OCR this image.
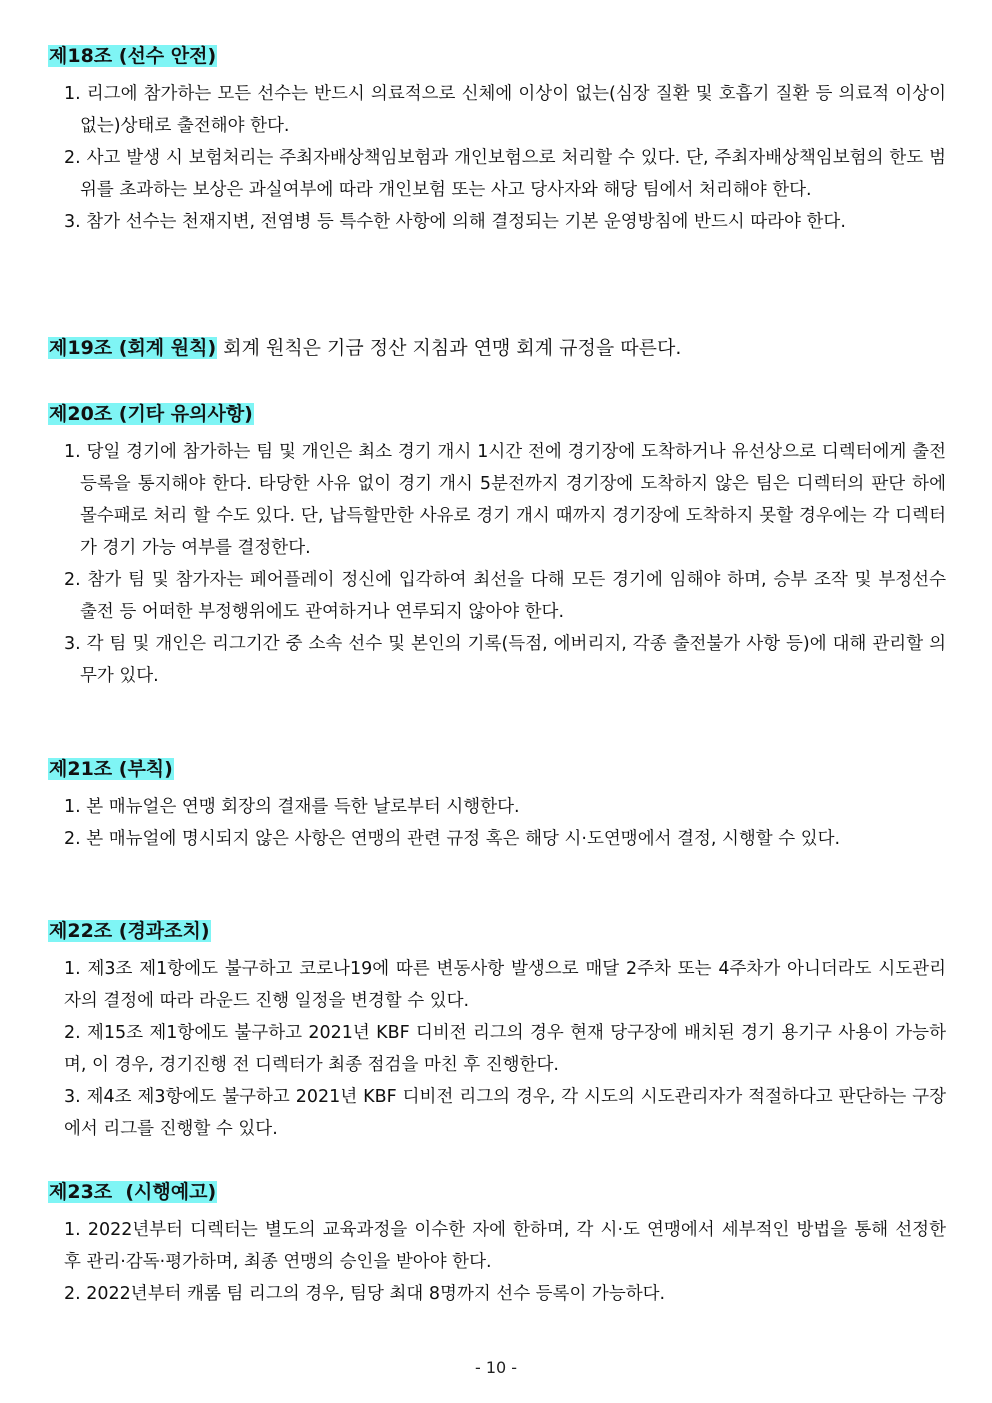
제18조 (선수 안전)
1. 리그에 참가하는 모든 선수는 반드시 의료적으로 신체에 이상이 없는(심장 질환 및 호흡기 질환 등 의료적 이상이 없는)상태로 출전해야 한다.
2. 사고 발생 시 보험처리는 주최자배상책임보험과 개인보험으로 처리할 수 있다. 단, 주최자배상책임보험의 한도 범위를 초과하는 보상은 과실여부에 따라 개인보험 또는 사고 당사자와 해당 팀에서 처리해야 한다.
3. 참가 선수는 천재지변, 전염병 등 특수한 사항에 의해 결정되는 기본 운영방침에 반드시 따라야 한다.
제19조 (회계 원칙) 회계 원칙은 기금 정산 지침과 연맹 회계 규정을 따른다.
제20조 (기타 유의사항)
1. 당일 경기에 참가하는 팀 및 개인은 최소 경기 개시 1시간 전에 경기장에 도착하거나 유선상으로 디렉터에게 출전 등록을 통지해야 한다. 타당한 사유 없이 경기 개시 5분전까지 경기장에 도착하지 않은 팀은 디렉터의 판단 하에 몰수패로 처리 할 수도 있다. 단, 납득할만한 사유로 경기 개시 때까지 경기장에 도착하지 못할 경우에는 각 디렉터가 경기 가능 여부를 결정한다.
2. 참가 팀 및 참가자는 페어플레이 정신에 입각하여 최선을 다해 모든 경기에 임해야 하며, 승부 조작 및 부정선수 출전 등 어떠한 부정행위에도 관여하거나 연루되지 않아야 한다.
3. 각 팀 및 개인은 리그기간 중 소속 선수 및 본인의 기록(득점, 에버리지, 각종 출전불가 사항 등)에 대해 관리할 의무가 있다.
제21조 (부칙)
1. 본 매뉴얼은 연맹 회장의 결재를 득한 날로부터 시행한다.
2. 본 매뉴얼에 명시되지 않은 사항은 연맹의 관련 규정 혹은 해당 시·도연맹에서 결정, 시행할 수 있다.
제22조 (경과조치)
1. 제3조 제1항에도 불구하고 코로나19에 따른 변동사항 발생으로 매달 2주차 또는 4주차가 아니더라도 시도관리자의 결정에 따라 라운드 진행 일정을 변경할 수 있다.
2. 제15조 제1항에도 불구하고 2021년 KBF 디비전 리그의 경우 현재 당구장에 배치된 경기 용기구 사용이 가능하며, 이 경우, 경기진행 전 디렉터가 최종 점검을 마친 후 진행한다.
3. 제4조 제3항에도 불구하고 2021년 KBF 디비전 리그의 경우, 각 시도의 시도관리자가 적절하다고 판단하는 구장에서 리그를 진행할 수 있다.
제23조  (시행예고)
1. 2022년부터 디렉터는 별도의 교육과정을 이수한 자에 한하며, 각 시·도 연맹에서 세부적인 방법을 통해 선정한 후 관리·감독·평가하며, 최종 연맹의 승인을 받아야 한다.
2. 2022년부터 캐롬 팀 리그의 경우, 팀당 최대 8명까지 선수 등록이 가능하다.
- 10 -
